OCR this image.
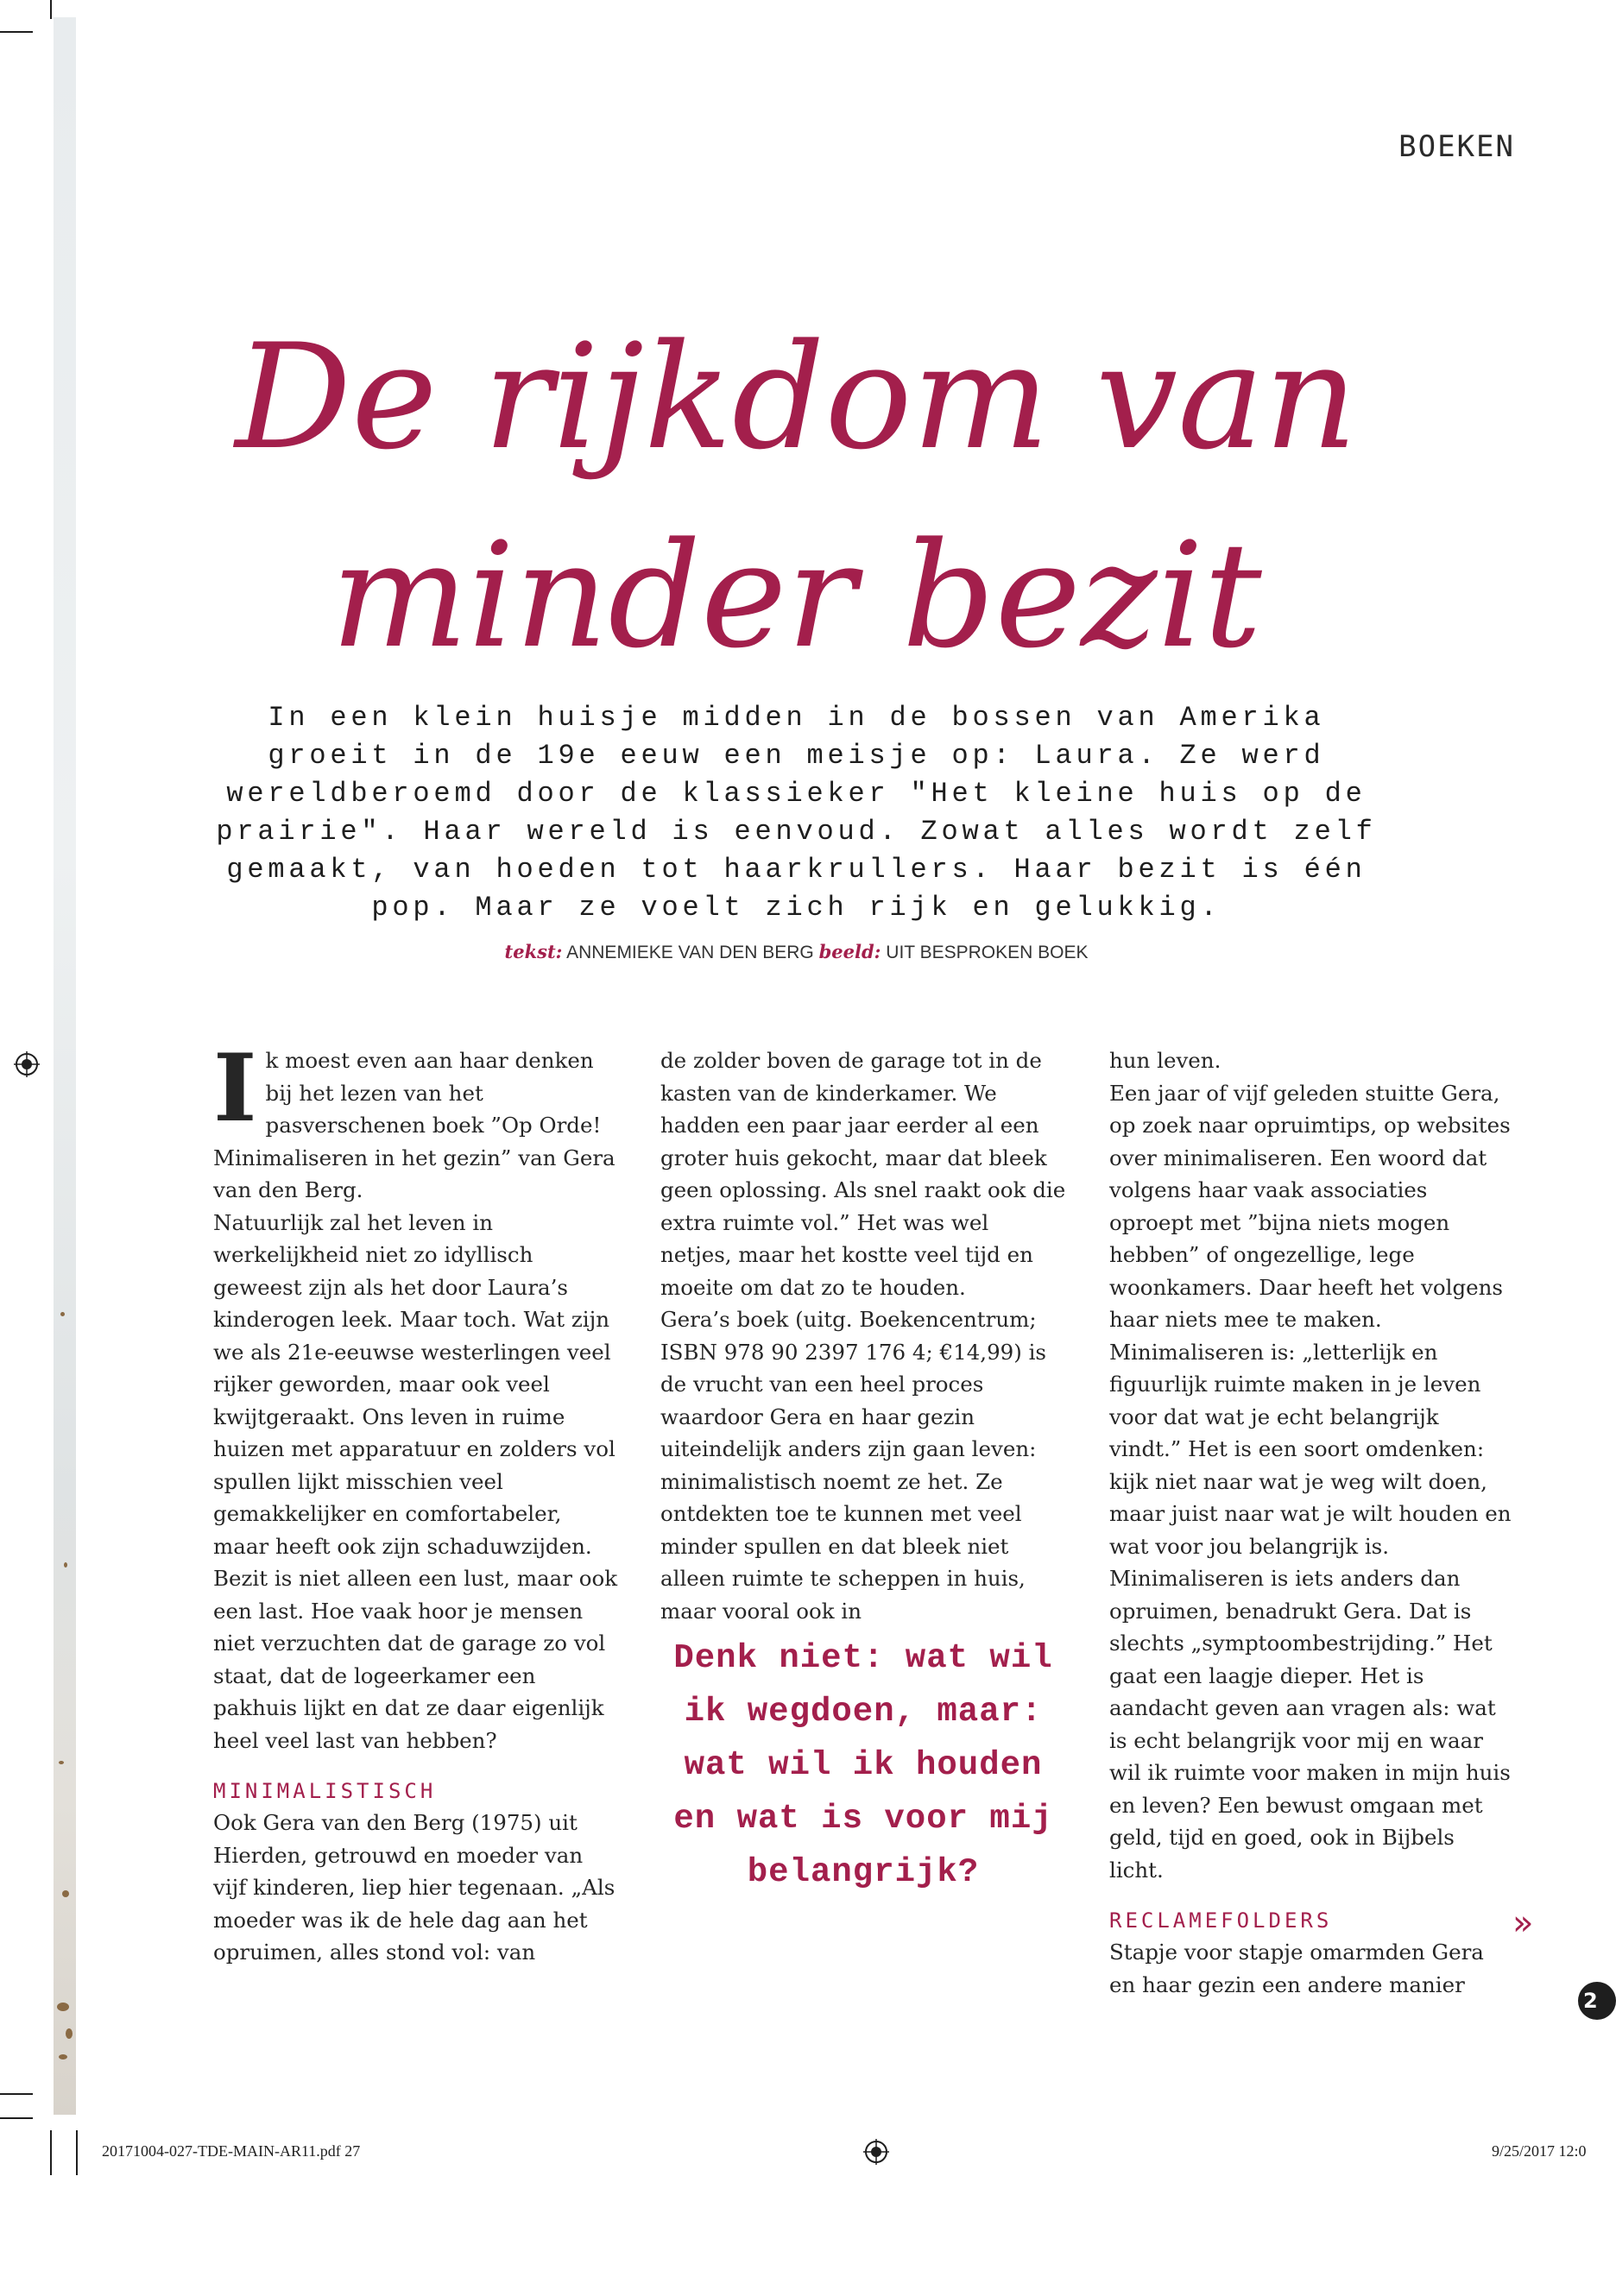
BOEKEN
De rijkdom van
minder bezit

In een klein huisje midden in de bossen van Amerika groeit in de 19e eeuw een meisje op: Laura. Ze werd wereldberoemd door de klassieker "Het kleine huis op de prairie". Haar wereld is eenvoud. Zowat alles wordt zelf gemaakt, van hoeden tot haarkrullers. Haar bezit is één pop. Maar ze voelt zich rijk en gelukkig.

tekst: ANNEMIEKE VAN DEN BERG beeld: UIT BESPROKEN BOEK

Ik moest even aan haar denken bij het lezen van het pasverschenen boek ”Op Orde! Minimaliseren in het gezin” van Gera van den Berg.

Natuurlijk zal het leven in werkelijkheid niet zo idyllisch geweest zijn als het door Laura’s kinderogen leek. Maar toch. Wat zijn we als 21e-eeuwse westerlingen veel rijker geworden, maar ook veel kwijtgeraakt. Ons leven in ruime huizen met apparatuur en zolders vol spullen lijkt misschien veel gemakkelijker en comfortabeler, maar heeft ook zijn schaduwzijden. Bezit is niet alleen een lust, maar ook een last. Hoe vaak hoor je mensen niet verzuchten dat de garage zo vol staat, dat de logeerkamer een pakhuis lijkt en dat ze daar eigenlijk heel veel last van hebben?

MINIMALISTISCH

Ook Gera van den Berg (1975) uit Hierden, getrouwd en moeder van vijf kinderen, liep hier tegenaan. „Als moeder was ik de hele dag aan het opruimen, alles stond vol: van

de zolder boven de garage tot in de kasten van de kinderkamer. We hadden een paar jaar eerder al een groter huis gekocht, maar dat bleek geen oplossing. Als snel raakt ook die extra ruimte vol.” Het was wel netjes, maar het kostte veel tijd en moeite om dat zo te houden.

Gera’s boek (uitg. Boekencentrum; ISBN 978 90 2397 176 4; €14,99) is de vrucht van een heel proces waardoor Gera en haar gezin uiteindelijk anders zijn gaan leven: minimalistisch noemt ze het. Ze ontdekten toe te kunnen met veel minder spullen en dat bleek niet alleen ruimte te scheppen in huis, maar vooral ook in

Denk niet: wat wil ik wegdoen, maar: wat wil ik houden en wat is voor mij belangrijk?

hun leven.

Een jaar of vijf geleden stuitte Gera, op zoek naar opruimtips, op websites over minimaliseren. Een woord dat volgens haar vaak associaties oproept met ”bijna niets mogen hebben” of ongezellige, lege woonkamers. Daar heeft het volgens haar niets mee te maken. Minimaliseren is: „letterlijk en figuurlijk ruimte maken in je leven voor dat wat je echt belangrijk vindt.” Het is een soort omdenken: kijk niet naar wat je weg wilt doen, maar juist naar wat je wilt houden en wat voor jou belangrijk is.

Minimaliseren is iets anders dan opruimen, benadrukt Gera. Dat is slechts „symptoombestrijding.” Het gaat een laagje dieper. Het is aandacht geven aan vragen als: wat is echt belangrijk voor mij en waar wil ik ruimte voor maken in mijn huis en leven? Een bewust omgaan met geld, tijd en goed, ook in Bijbels licht.

RECLAMEFOLDERS

Stapje voor stapje omarmden Gera en haar gezin een andere manier

»
2
20171004-027-TDE-MAIN-AR11.pdf 27	9/25/2017 12:0
